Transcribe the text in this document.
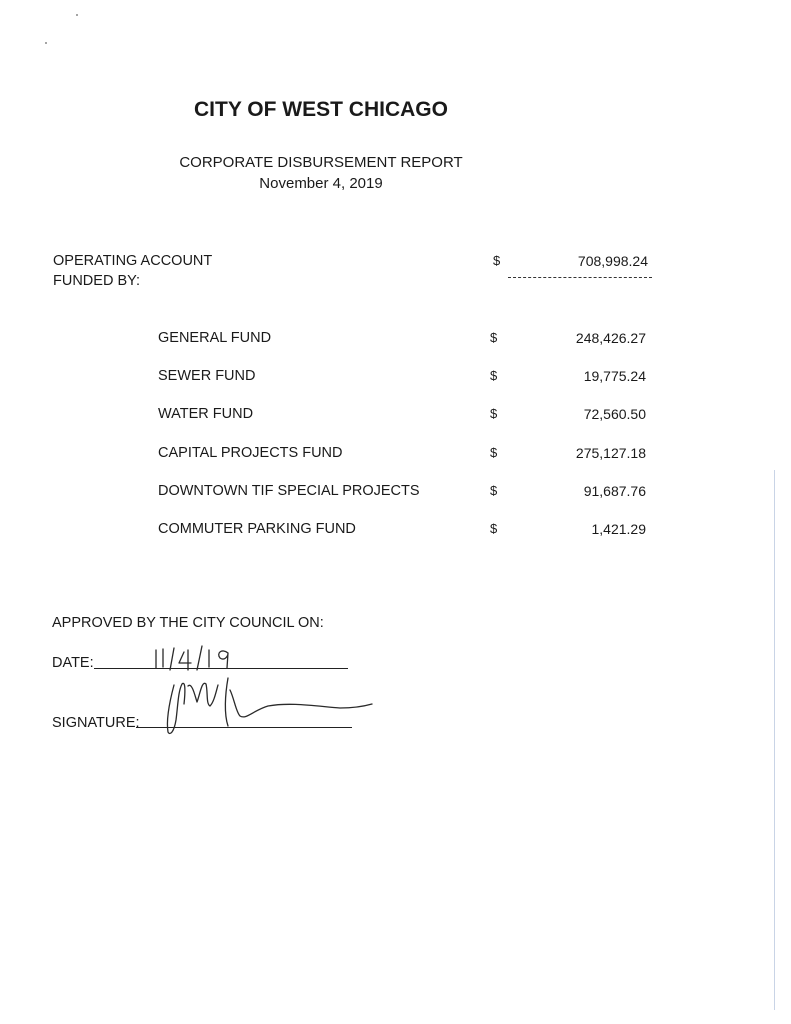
CITY OF WEST CHICAGO
CORPORATE DISBURSEMENT REPORT
November 4, 2019
OPERATING ACCOUNT
FUNDED BY:
$	708,998.24
GENERAL FUND	$	248,426.27
SEWER FUND	$	19,775.24
WATER FUND	$	72,560.50
CAPITAL PROJECTS FUND	$	275,127.18
DOWNTOWN TIF SPECIAL PROJECTS	$	91,687.76
COMMUTER PARKING FUND	$	1,421.29
APPROVED BY THE CITY COUNCIL ON:
DATE:
SIGNATURE:
